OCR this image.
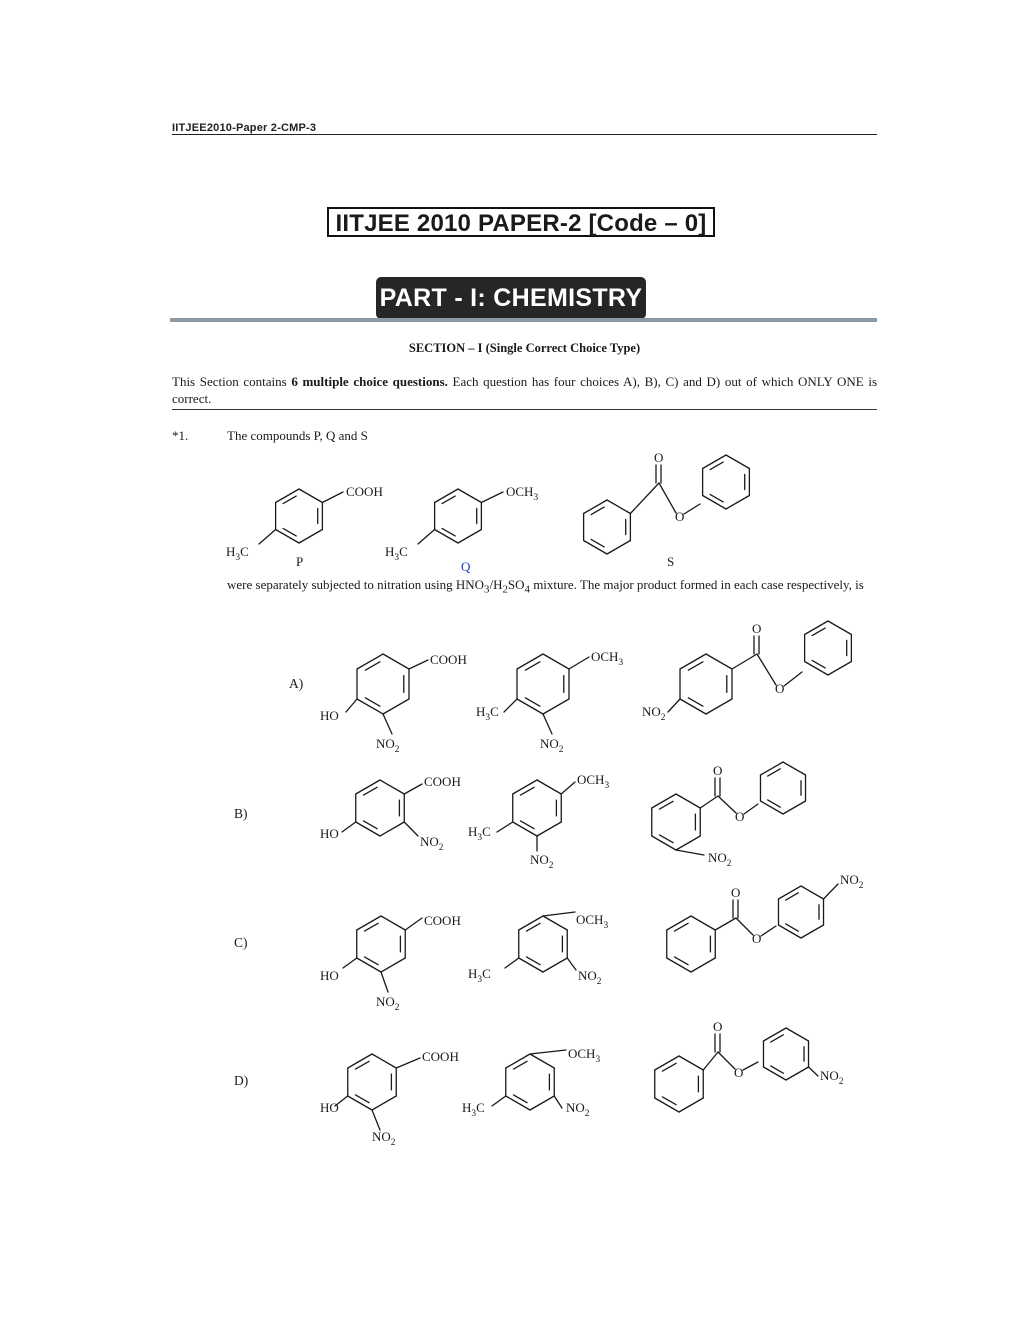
IITJEE2010-Paper 2-CMP-3
IITJEE 2010 PAPER-2 [Code – 0]
PART - I: CHEMISTRY
SECTION – I (Single Correct Choice Type)
This Section contains 6 multiple choice questions. Each question has four choices A), B), C) and D) out of which ONLY ONE is correct.
*1.	The compounds P, Q and S
were separately subjected to nitration using $HNO_3/H_2SO_4$ mixture. The major product formed in each case respectively, is
A)
B)
C)
D)
COOH
$H_3C$
P
$OCH_3$
$H_3C$
Q
O
O
S
COOH
HO
$NO_2$
$OCH_3$
$H_3C$
$NO_2$
O
O
$NO_2$
COOH
HO
$NO_2$
$OCH_3$
$H_3C$
$NO_2$
O
O
$NO_2$
COOH
HO
$NO_2$
$OCH_3$
$H_3C$	$NO_2$
O
O
$NO_2$
COOH
HO
$NO_2$
$OCH_3$
$H_3C$	$NO_2$
O
O	$NO_2$
